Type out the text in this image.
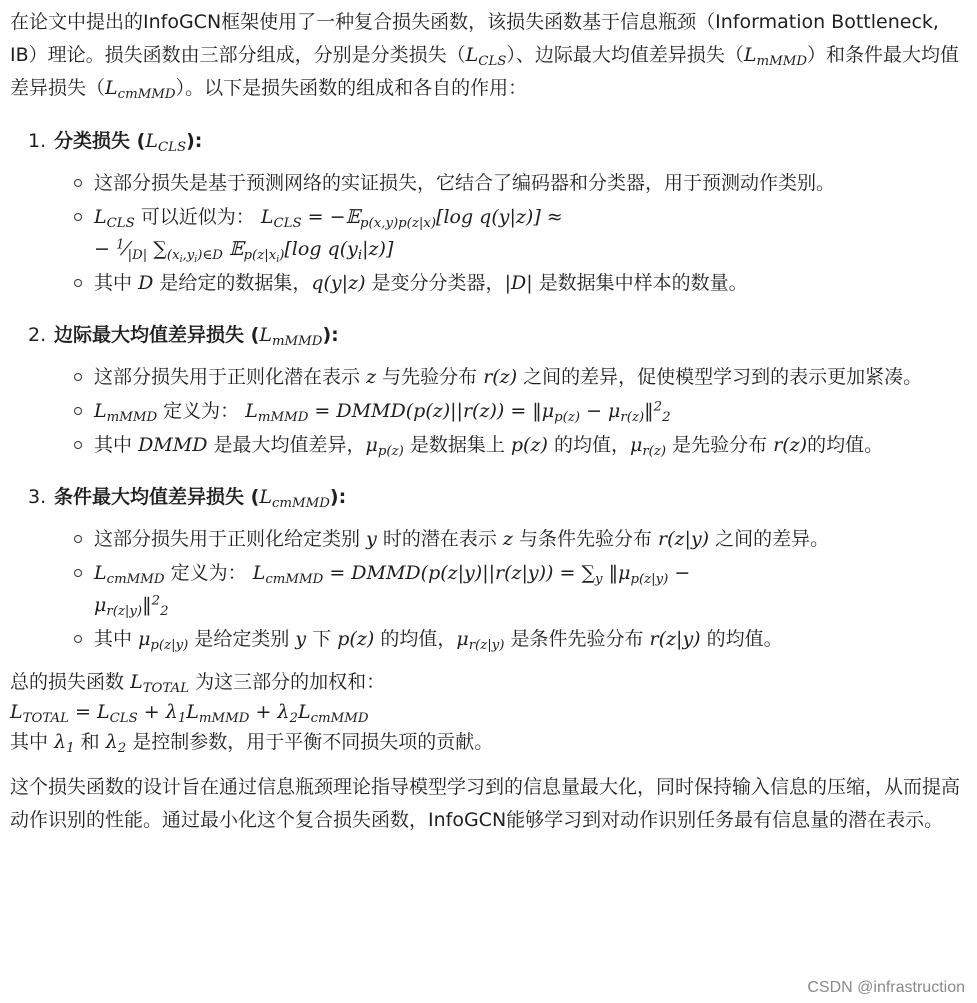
在论文中提出的InfoGCN框架使用了一种复合损失函数，该损失函数基于信息瓶颈（Information Bottleneck, IB）理论。损失函数由三部分组成，分别是分类损失$(L_{CLS})$、边际最大均值差异损失$(L_{mMMD})$和条件最大均值差异损失$(L_{cmMMD})$。以下是损失函数的组成和各自的作用：

1. 分类损失 $(L_{CLS})$:
这部分损失是基于预测网络的实证损失，它结合了编码器和分类器，用于预测动作类别。
$L_{CLS}$ 可以近似为： $L_{CLS}$ = −𝔼$_{p(x,y)p(z|x)}$[log q(y|z)] ≈
− $^1⁄_{|D|}$ $\sum_{(x_i,y_i)\in D}$ 𝔼$_{p(z|x_i)}$[log $q(y_i|z)$]
其中 D 是给定的数据集，q(y|z) 是变分分类器，|D| 是数据集中样本的数量。
2. 边际最大均值差异损失 $(L_{mMMD})$:
这部分损失用于正则化潜在表示 z 与先验分布 r(z) 之间的差异，促使模型学习到的表示更加紧凑。
$L_{mMMD}$ 定义为： $L_{mMMD}$ = DMMD(p(z)||r(z)) = $‖\mu_{p(z)}$ − $\mu_{r(z)}‖^2_2$
其中 DMMD 是最大均值差异，$\mu_{p(z)}$ 是数据集上 p(z) 的均值，$\mu_{r(z)}$ 是先验分布 r(z)的均值。
3. 条件最大均值差异损失 $(L_{cmMMD})$:
这部分损失用于正则化给定类别 y 时的潜在表示 z 与条件先验分布 r(z|y) 之间的差异。
$L_{cmMMD}$ 定义为： $L_{cmMMD}$ = DMMD(p(z|y)||r(z|y)) = $\sum_y$ $‖\mu_{p(z|y)}$ −
$\mu_{r(z|y)}‖^2_2$
其中 $\mu_{p(z|y)}$ 是给定类别 y 下 p(z) 的均值，$\mu_{r(z|y)}$ 是条件先验分布 r(z|y) 的均值。

总的损失函数 $L_{TOTAL}$ 为这三部分的加权和：

$L_{TOTAL} = L_{CLS} + \lambda_1L_{mMMD} + \lambda_2L_{cmMMD}$

其中 $\lambda_1$ 和 $\lambda_2$ 是控制参数，用于平衡不同损失项的贡献。

这个损失函数的设计旨在通过信息瓶颈理论指导模型学习到的信息量最大化，同时保持输入信息的压缩，从而提高动作识别的性能。通过最小化这个复合损失函数，InfoGCN能够学习到对动作识别任务最有信息量的潜在表示。

CSDN @infrastruction
